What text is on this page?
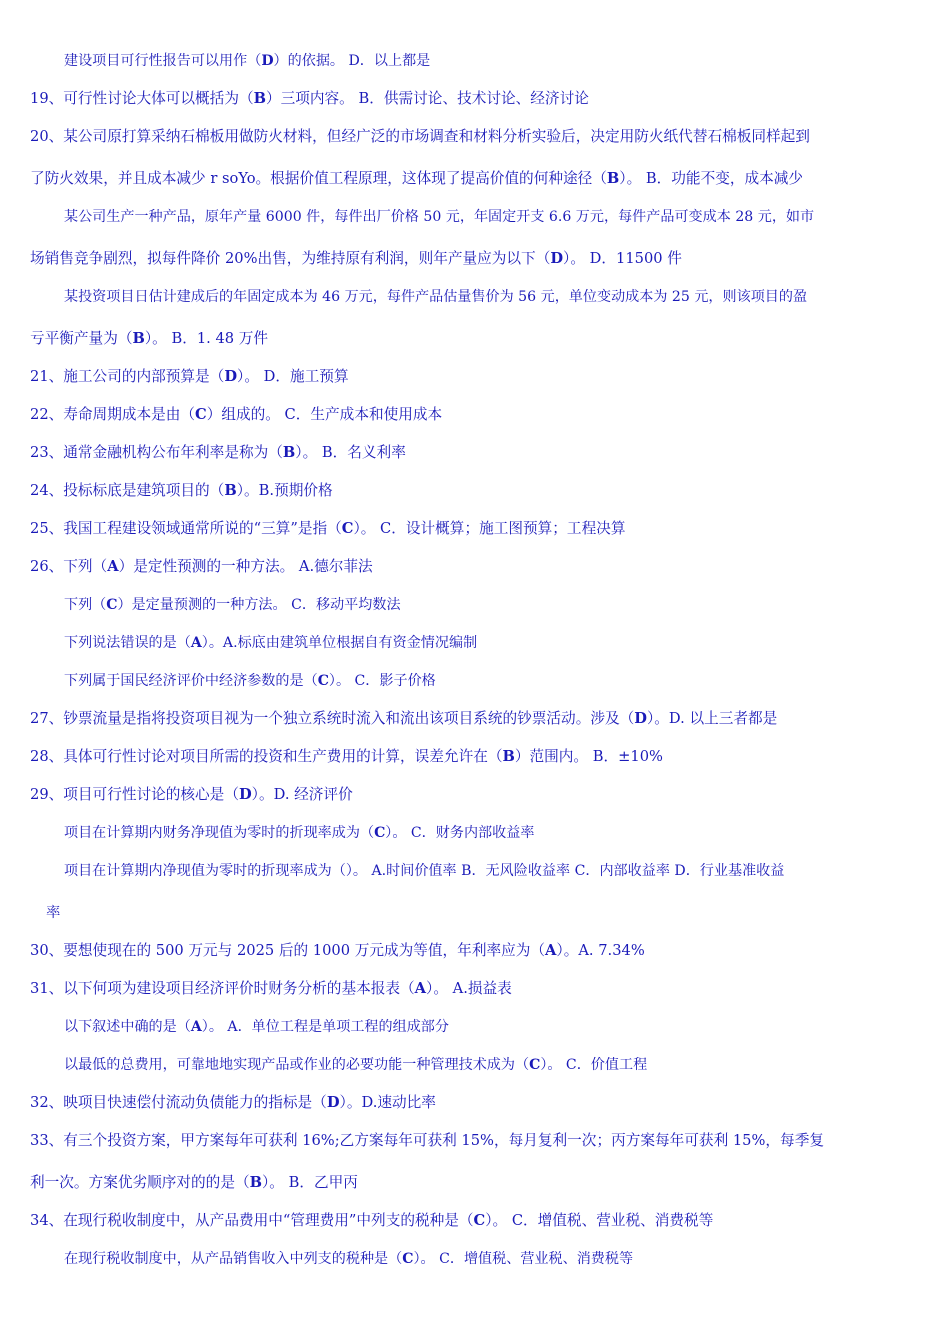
建设项目可行性报告可以用作（D）的依据。 D．以上都是
19、可行性讨论大体可以概括为（B）三项内容。 B．供需讨论、技术讨论、经济讨论
20、某公司原打算采纳石棉板用做防火材料，但经广泛的市场调查和材料分析实验后，决定用防火纸代替石棉板同样起到
了防火效果，并且成本减少 r soYo。根据价值工程原理，这体现了提高价值的何种途径（B）。 B．功能不变，成本减少
某公司生产一种产品，原年产量 6000 件，每件出厂价格 50 元，年固定开支 6.6 万元，每件产品可变成本 28 元，如市
场销售竞争剧烈，拟每件降价 20%出售，为维持原有利润，则年产量应为以下（D）。 D．11500 件
某投资项目日估计建成后的年固定成本为 46 万元，每件产品估量售价为 56 元，单位变动成本为 25 元，则该项目的盈
亏平衡产量为（B）。 B．1. 48 万件
21、施工公司的内部预算是（D）。 D．施工预算
22、寿命周期成本是由（C）组成的。 C．生产成本和使用成本
23、通常金融机构公布年利率是称为（B）。 B．名义利率
24、投标标底是建筑项目的（B）。B.预期价格
25、我国工程建设领域通常所说的“三算”是指（C）。 C．设计概算；施工图预算；工程决算
26、下列（A）是定性预测的一种方法。 A.德尔菲法
下列（C）是定量预测的一种方法。 C．移动平均数法
下列说法错误的是（A）。A.标底由建筑单位根据自有资金情况编制
下列属于国民经济评价中经济参数的是（C）。 C．影子价格
27、钞票流量是指将投资项目视为一个独立系统时流入和流出该项目系统的钞票活动。涉及（D）。D. 以上三者都是
28、具体可行性讨论对项目所需的投资和生产费用的计算，误差允许在（B）范围内。 B．±10%
29、项目可行性讨论的核心是（D）。D. 经济评价
项目在计算期内财务净现值为零时的折现率成为（C）。 C．财务内部收益率
项目在计算期内净现值为零时的折现率成为（）。 A.时间价值率 B．无风险收益率 C．内部收益率 D．行业基准收益
率
30、要想使现在的 500 万元与 2025 后的 1000 万元成为等值，年利率应为（A）。A. 7.34%
31、以下何项为建设项目经济评价时财务分析的基本报表（A）。 A.损益表
以下叙述中确的是（A）。 A．单位工程是单项工程的组成部分
以最低的总费用，可靠地地实现产品或作业的必要功能一种管理技术成为（C）。 C．价值工程
32、映项目快速偿付流动负债能力的指标是（D）。D.速动比率
33、有三个投资方案，甲方案每年可获利 16%;乙方案每年可获利 15%，每月复利一次；丙方案每年可获利 15%，每季复
利一次。方案优劣顺序对的的是（B）。 B．乙甲丙
34、在现行税收制度中，从产品费用中“管理费用”中列支的税种是（C）。 C．增值税、营业税、消费税等
在现行税收制度中，从产品销售收入中列支的税种是（C）。 C．增值税、营业税、消费税等
